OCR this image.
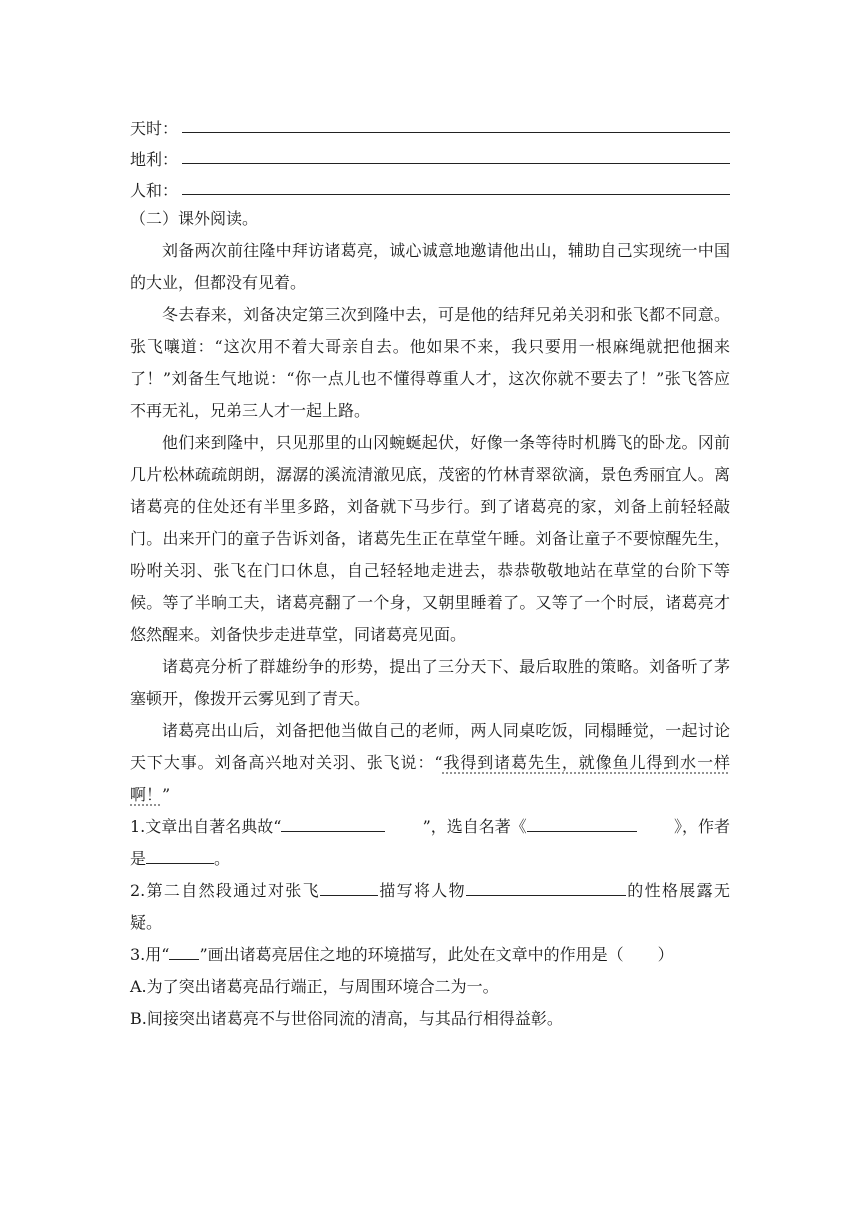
天时：
地利：
人和：
（二）课外阅读。

刘备两次前往隆中拜访诸葛亮，诚心诚意地邀请他出山，辅助自己实现统一中国的大业，但都没有见着。

冬去春来，刘备决定第三次到隆中去，可是他的结拜兄弟关羽和张飞都不同意。张飞嚷道：“这次用不着大哥亲自去。他如果不来，我只要用一根麻绳就把他捆来了！”刘备生气地说：“你一点儿也不懂得尊重人才，这次你就不要去了！”张飞答应不再无礼，兄弟三人才一起上路。

他们来到隆中，只见那里的山冈蜿蜒起伏，好像一条等待时机腾飞的卧龙。冈前几片松林疏疏朗朗，潺潺的溪流清澈见底，茂密的竹林青翠欲滴，景色秀丽宜人。离诸葛亮的住处还有半里多路，刘备就下马步行。到了诸葛亮的家，刘备上前轻轻敲门。出来开门的童子告诉刘备，诸葛先生正在草堂午睡。刘备让童子不要惊醒先生，吩咐关羽、张飞在门口休息，自己轻轻地走进去，恭恭敬敬地站在草堂的台阶下等候。等了半晌工夫，诸葛亮翻了一个身，又朝里睡着了。又等了一个时辰，诸葛亮才悠然醒来。刘备快步走进草堂，同诸葛亮见面。

诸葛亮分析了群雄纷争的形势，提出了三分天下、最后取胜的策略。刘备听了茅塞顿开，像拨开云雾见到了青天。

诸葛亮出山后，刘备把他当做自己的老师，两人同桌吃饭，同榻睡觉，一起讨论天下大事。刘备高兴地对关羽、张飞说：“我得到诸葛先生，就像鱼儿得到水一样啊！”

1.文章出自著名典故“	”，选自名著《	》，作者

是	。

2.第二自然段通过对张飞	描写将人物	的性格展露无疑。

3.用“ ”画出诸葛亮居住之地的环境描写，此处在文章中的作用是（ ）

A.为了突出诸葛亮品行端正，与周围环境合二为一。

B.间接突出诸葛亮不与世俗同流的清高，与其品行相得益彰。
